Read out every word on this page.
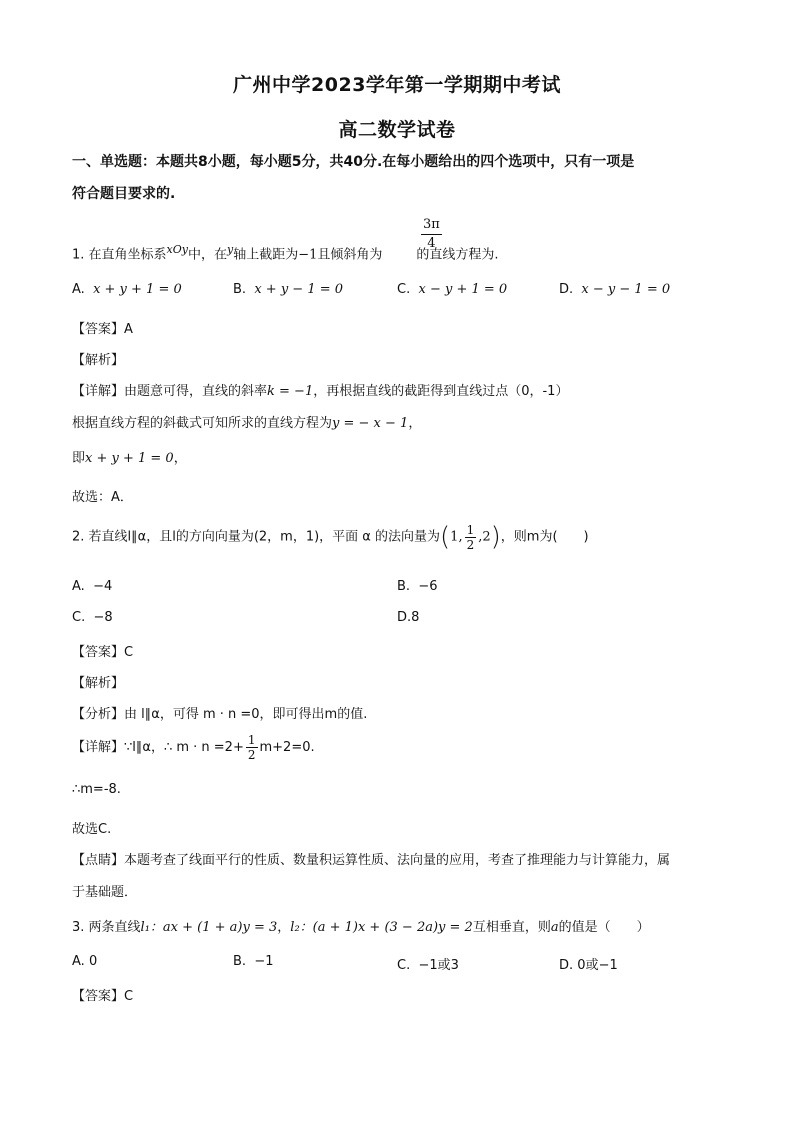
广州中学2023学年第一学期期中考试
高二数学试卷
一、单选题：本题共8小题，每小题5分，共40分.在每小题给出的四个选项中，只有一项是
符合题目要求的.
$\frac{3\pi}{4}$
1. 在直角坐标系$^{xOy}$中，在$^y$轴上截距为−1且倾斜角为	的直线方程为.
A. x + y + 1 = 0	B. x + y − 1 = 0	C. x − y + 1 = 0	D. x − y − 1 = 0
【答案】A
【解析】
【详解】由题意可得，直线的斜率k = −1，再根据直线的截距得到直线过点（0，-1）
根据直线方程的斜截式可知所求的直线方程为y = − x − 1，
即x + y + 1 = 0，
故选：A．
2. 若直线l∥α，且l的方向向量为(2，m，1)，平面 α 的法向量为(1, $\frac{1}{2} ,2$)，则m为(　　)
A. −4	B. −6
C. −8	D.8
【答案】C
【解析】
【分析】由 l∥α，可得 m · n =0，即可得出m的值.
【详解】∵l∥α，∴ $m \cdot n =2+ \frac{1}{2} m+2=0$.
∴m=-8.
故选C.
【点睛】本题考查了线面平行的性质、数量积运算性质、法向量的应用，考查了推理能力与计算能力，属
于基础题．
3. 两条直线l₁：ax + (1 + a)y = 3，l₂：(a + 1)x + (3 − 2a)y = 2互相垂直，则a的值是（　　）
A. 0	B. −1	C. −1或3	D. 0或−1
【答案】C
